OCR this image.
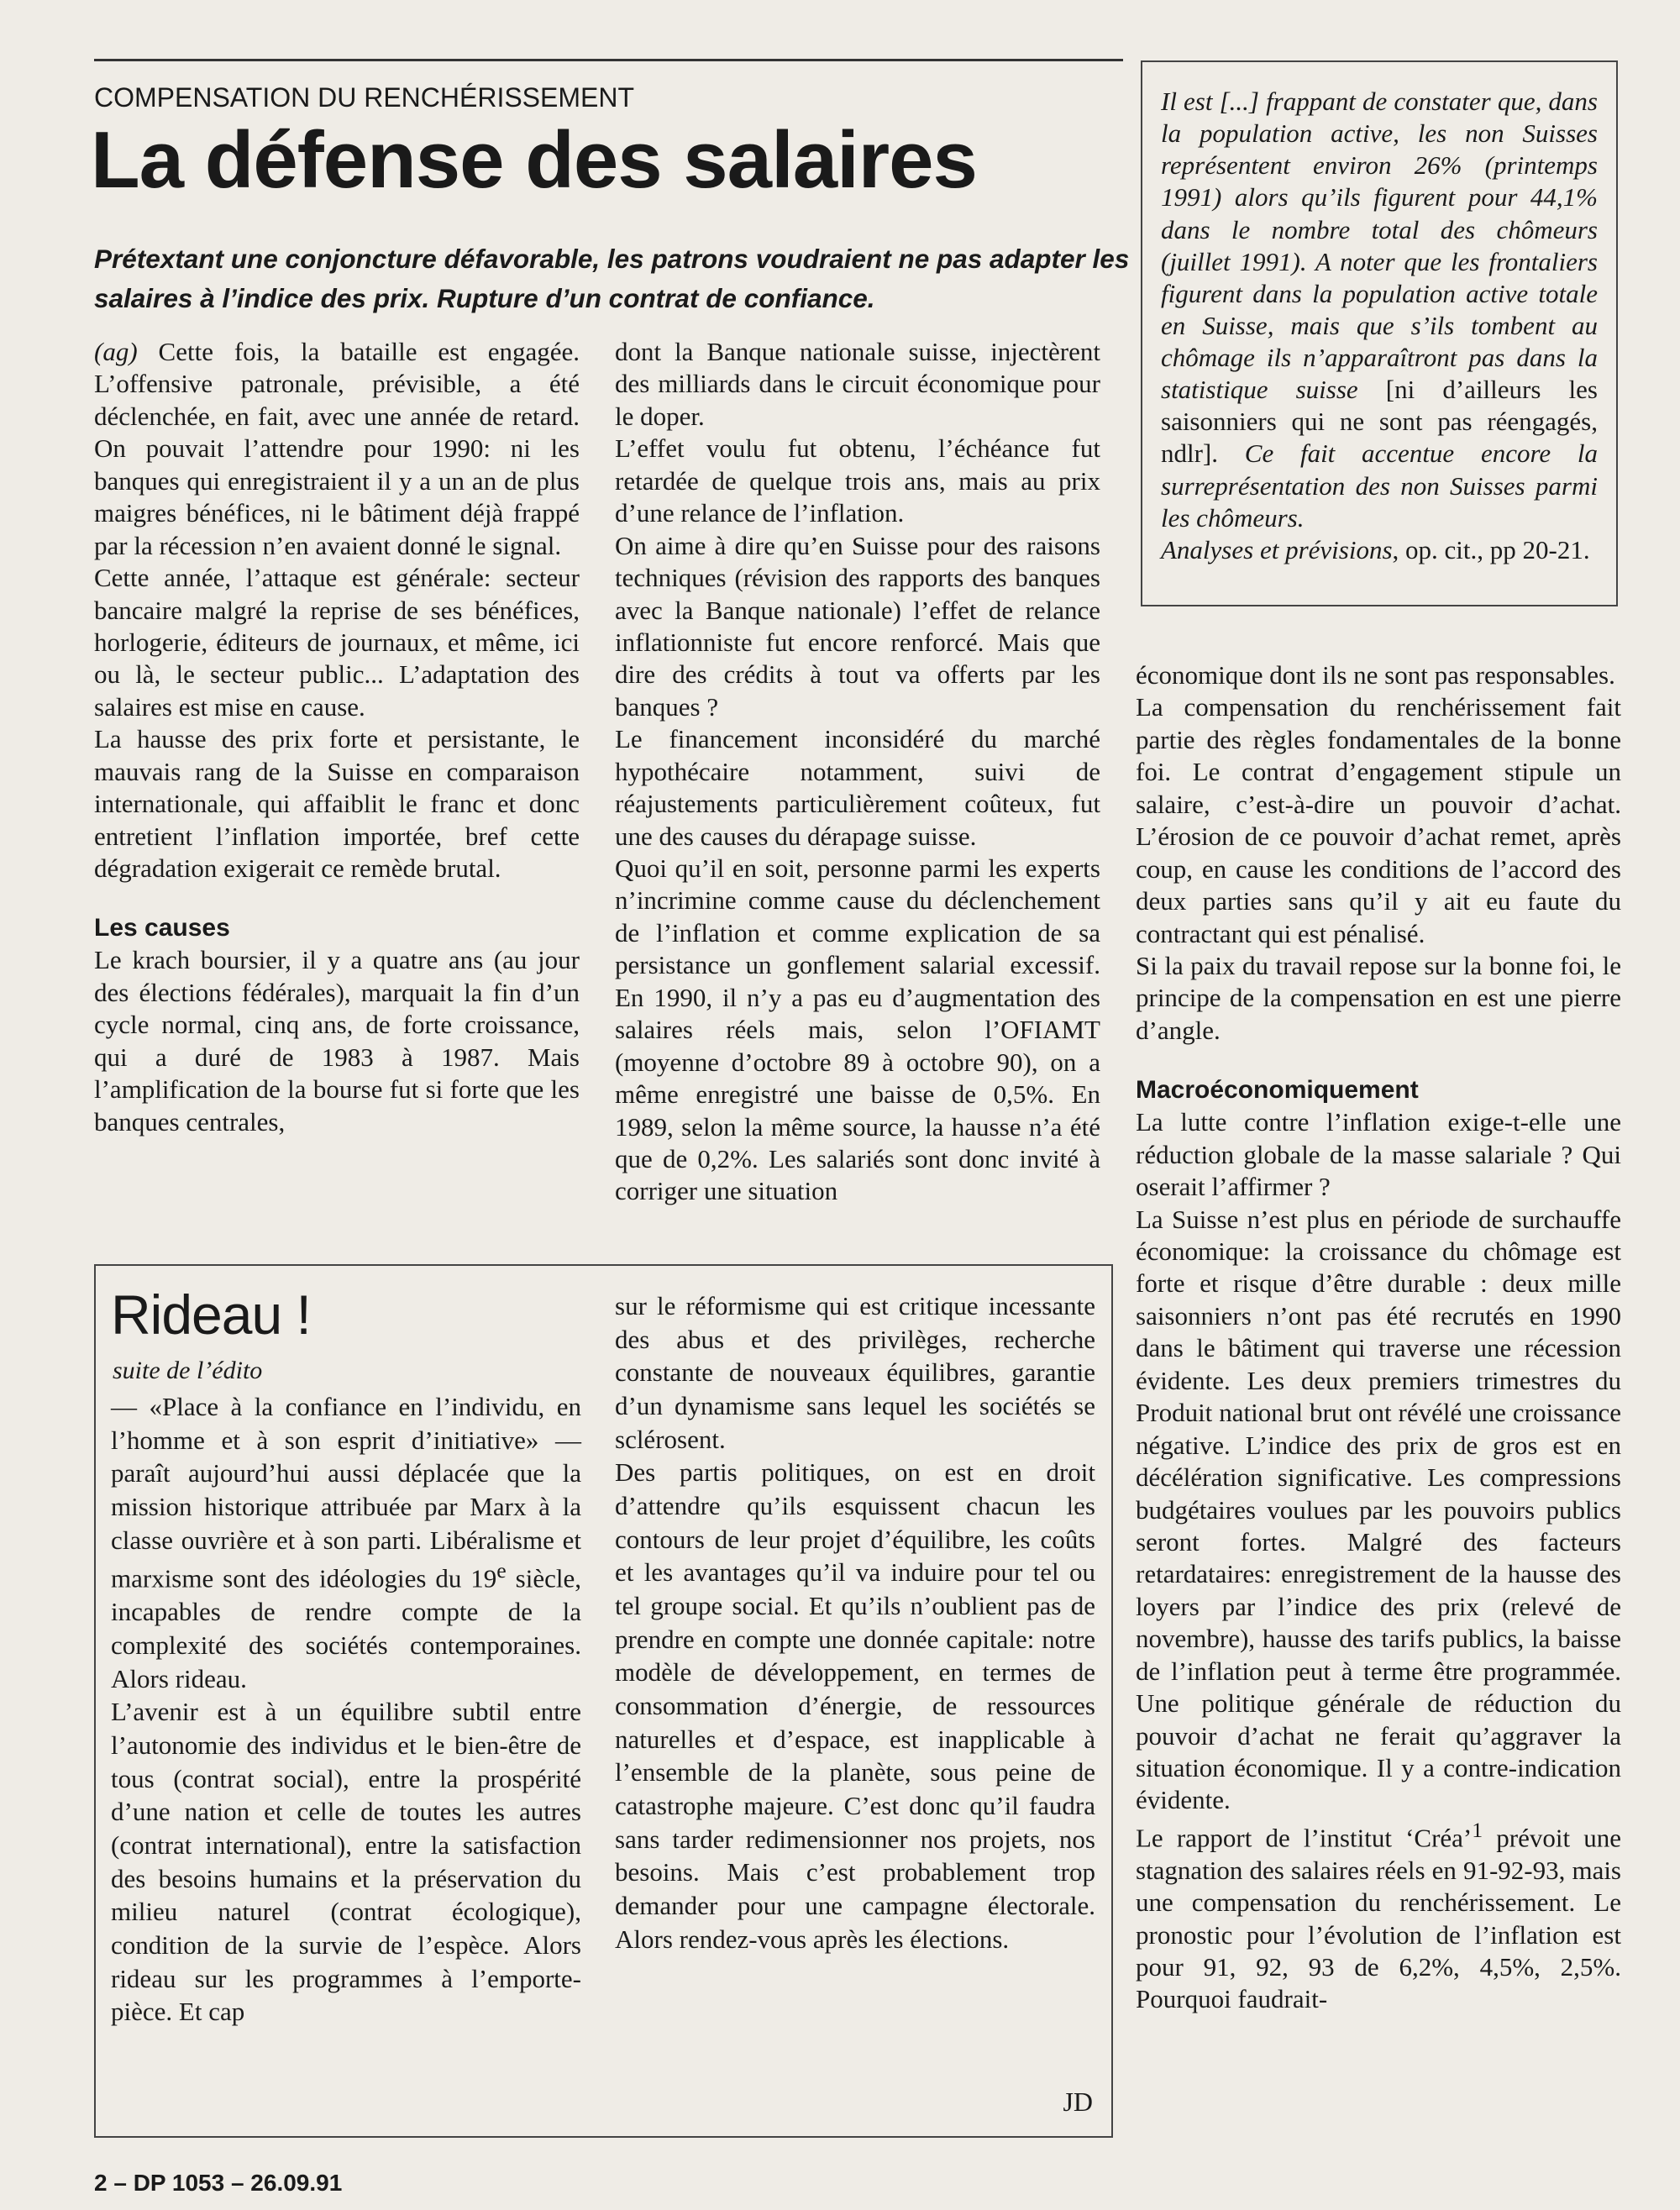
COMPENSATION DU RENCHÉRISSEMENT
La défense des salaires
Prétextant une conjoncture défavorable, les patrons voudraient ne pas adapter les salaires à l’indice des prix. Rupture d’un contrat de confiance.

(ag) Cette fois, la bataille est engagée. L’offensive patronale, prévisible, a été déclenchée, en fait, avec une année de retard. On pouvait l’attendre pour 1990: ni les banques qui enregistraient il y a un an de plus maigres bénéfices, ni le bâtiment déjà frappé par la récession n’en avaient donné le signal.

Cette année, l’attaque est générale: secteur bancaire malgré la reprise de ses bénéfices, horlogerie, éditeurs de journaux, et même, ici ou là, le secteur public... L’adaptation des salaires est mise en cause.

La hausse des prix forte et persistante, le mauvais rang de la Suisse en comparaison internationale, qui affaiblit le franc et donc entretient l’inflation importée, bref cette dégradation exigerait ce remède brutal.

Les causes

Le krach boursier, il y a quatre ans (au jour des élections fédérales), marquait la fin d’un cycle normal, cinq ans, de forte croissance, qui a duré de 1983 à 1987. Mais l’amplification de la bourse fut si forte que les banques centrales,

dont la Banque nationale suisse, injectèrent des milliards dans le circuit économique pour le doper.

L’effet voulu fut obtenu, l’échéance fut retardée de quelque trois ans, mais au prix d’une relance de l’inflation.

On aime à dire qu’en Suisse pour des raisons techniques (révision des rapports des banques avec la Banque nationale) l’effet de relance inflationniste fut encore renforcé. Mais que dire des crédits à tout va offerts par les banques ?

Le financement inconsidéré du marché hypothécaire notamment, suivi de réajustements particulièrement coûteux, fut une des causes du dérapage suisse.

Quoi qu’il en soit, personne parmi les experts n’incrimine comme cause du déclenchement de l’inflation et comme explication de sa persistance un gonflement salarial excessif. En 1990, il n’y a pas eu d’augmentation des salaires réels mais, selon l’OFIAMT (moyenne d’octobre 89 à octobre 90), on a même enregistré une baisse de 0,5%. En 1989, selon la même source, la hausse n’a été que de 0,2%. Les salariés sont donc invité à corriger une situation

Il est [...] frappant de constater que, dans la population active, les non Suisses représentent environ 26% (printemps 1991) alors qu’ils figurent pour 44,1% dans le nombre total des chômeurs (juillet 1991). A noter que les frontaliers figurent dans la population active totale en Suisse, mais que s’ils tombent au chômage ils n’apparaîtront pas dans la statistique suisse [ni d’ailleurs les saisonniers qui ne sont pas réengagés, ndlr]. Ce fait accentue encore la surreprésentation des non Suisses parmi les chômeurs.
Analyses et prévisions, op. cit., pp 20-21.

économique dont ils ne sont pas responsables.

La compensation du renchérissement fait partie des règles fondamentales de la bonne foi. Le contrat d’engagement stipule un salaire, c’est-à-dire un pouvoir d’achat. L’érosion de ce pouvoir d’achat remet, après coup, en cause les conditions de l’accord des deux parties sans qu’il y ait eu faute du contractant qui est pénalisé.

Si la paix du travail repose sur la bonne foi, le principe de la compensation en est une pierre d’angle.

Macroéconomiquement

La lutte contre l’inflation exige-t-elle une réduction globale de la masse salariale ? Qui oserait l’affirmer ?

La Suisse n’est plus en période de surchauffe économique: la croissance du chômage est forte et risque d’être durable : deux mille saisonniers n’ont pas été recrutés en 1990 dans le bâtiment qui traverse une récession évidente. Les deux premiers trimestres du Produit national brut ont révélé une croissance négative. L’indice des prix de gros est en décélération significative. Les compressions budgétaires voulues par les pouvoirs publics seront fortes. Malgré des facteurs retardataires: enregistrement de la hausse des loyers par l’indice des prix (relevé de novembre), hausse des tarifs publics, la baisse de l’inflation peut à terme être programmée. Une politique générale de réduction du pouvoir d’achat ne ferait qu’aggraver la situation économique. Il y a contre-indication évidente.

Le rapport de l’institut ‘Créa’$^1$ prévoit une stagnation des salaires réels en 91-92-93, mais une compensation du renchérissement. Le pronostic pour l’évolution de l’inflation est pour 91, 92, 93 de 6,2%, 4,5%, 2,5%. Pourquoi faudrait-

Rideau !
suite de l’édito

— «Place à la confiance en l’individu, en l’homme et à son esprit d’initiative» — paraît aujourd’hui aussi déplacée que la mission historique attribuée par Marx à la classe ouvrière et à son parti. Libéralisme et marxisme sont des idéologies du 19e siècle, incapables de rendre compte de la complexité des sociétés contemporaines. Alors rideau.

L’avenir est à un équilibre subtil entre l’autonomie des individus et le bien-être de tous (contrat social), entre la prospérité d’une nation et celle de toutes les autres (contrat international), entre la satisfaction des besoins humains et la préservation du milieu naturel (contrat écologique), condition de la survie de l’espèce. Alors rideau sur les programmes à l’emporte-pièce. Et cap

sur le réformisme qui est critique incessante des abus et des privilèges, recherche constante de nouveaux équilibres, garantie d’un dynamisme sans lequel les sociétés se sclérosent.

Des partis politiques, on est en droit d’attendre qu’ils esquissent chacun les contours de leur projet d’équilibre, les coûts et les avantages qu’il va induire pour tel ou tel groupe social. Et qu’ils n’oublient pas de prendre en compte une donnée capitale: notre modèle de développement, en termes de consommation d’énergie, de ressources naturelles et d’espace, est inapplicable à l’ensemble de la planète, sous peine de catastrophe majeure. C’est donc qu’il faudra sans tarder redimensionner nos projets, nos besoins. Mais c’est probablement trop demander pour une campagne électorale. Alors rendez-vous après les élections.

JD
2 – DP 1053 – 26.09.91
